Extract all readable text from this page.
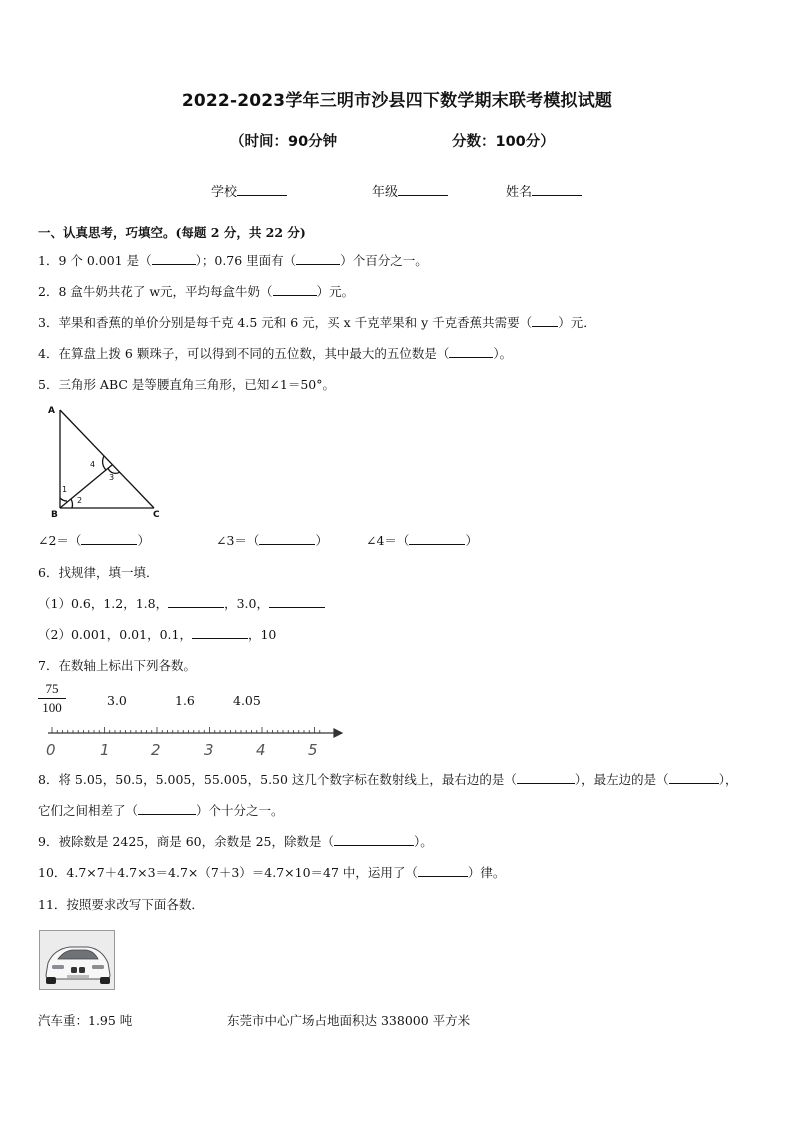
2022-2023学年三明市沙县四下数学期末联考模拟试题
（时间：90分钟	分数：100分）
学校	年级	姓名
一、认真思考，巧填空。(每题 2 分，共 22 分)
1．9 个 0.001 是（	）；0.76 里面有（	）个百分之一。
2．8 盒牛奶共花了 w元，平均每盒牛奶（	）元。
3．苹果和香蕉的单价分别是每千克 4.5 元和 6 元，买 x 千克苹果和 y 千克香蕉共需要（ ）元．
4．在算盘上拨 6 颗珠子，可以得到不同的五位数，其中最大的五位数是（	）。
5．三角形 ABC 是等腰直角三角形，已知∠1＝50°。
A
B	C
1
2
3
4
∠2＝（	）	∠3＝（	）	∠4＝（	）
6．找规律，填一填．
（1）0.6，1.2，1.8，	，3.0，
（2）0.001，0.01，0.1，	，10
7．在数轴上标出下列各数。
75
100	3.0	1.6	4.05
0	1	2	3	4	5
8．将 5.05，50.5，5.005，55.005，5.50 这几个数字标在数射线上，最右边的是（	），最左边的是（	），
它们之间相差了（	）个十分之一。
9．被除数是 2425，商是 60，余数是 25，除数是（	）。
10．4.7×7＋4.7×3＝4.7×（7＋3）＝4.7×10＝47 中，运用了（	）律。
11．按照要求改写下面各数．
汽车重：1.95 吨	东莞市中心广场占地面积达 338000 平方米
